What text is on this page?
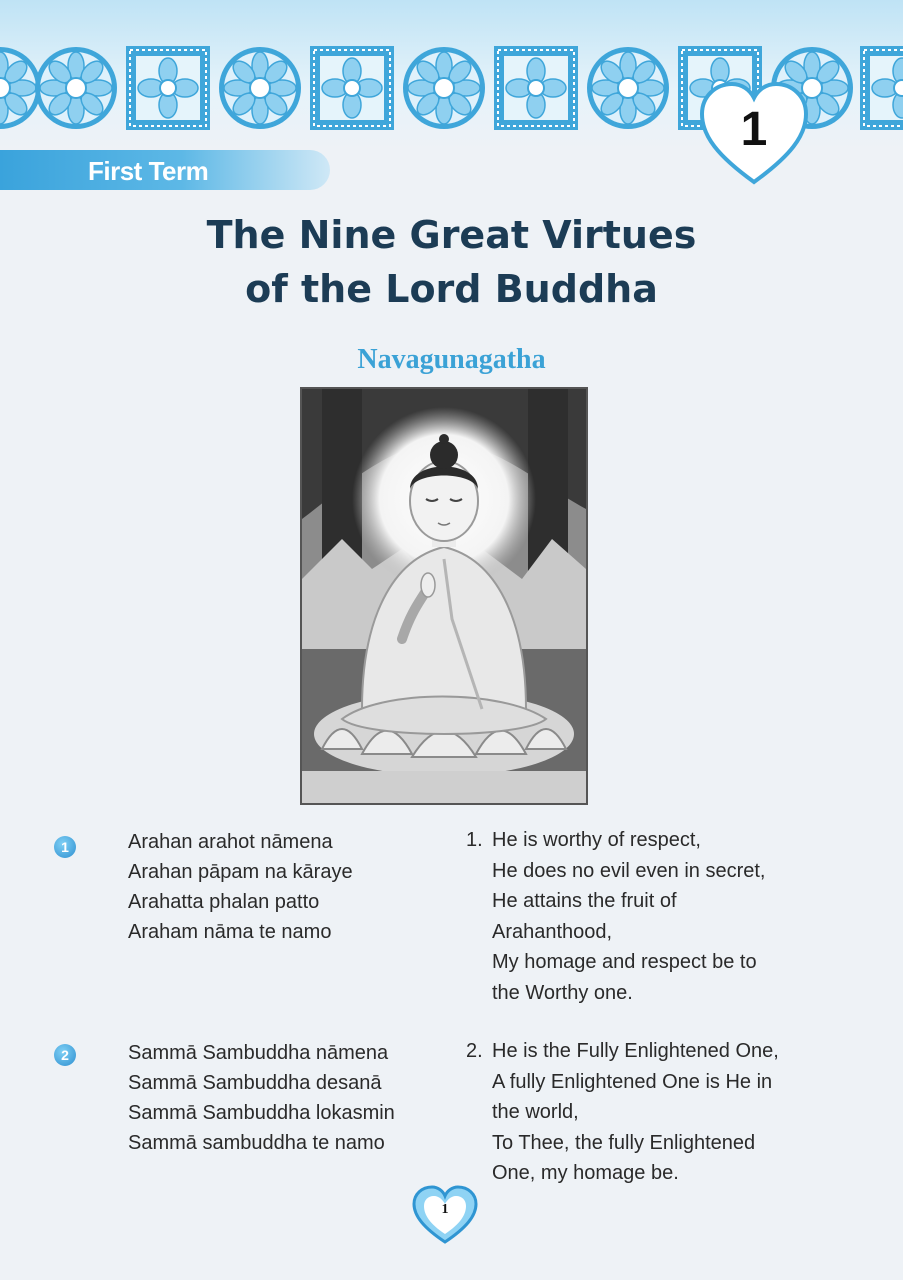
1
First Term
The Nine Great Virtues
of the Lord Buddha
Navagunagatha
1	Arahan arahot nāmena
Arahan pāpam na kāraye
Arahatta phalan patto
Araham nāma te namo
1. He is worthy of respect,
He does no evil even in secret,
He attains the fruit of
Arahanthood,
My homage and respect be to
the Worthy one.
2	Sammā Sambuddha nāmena
Sammā Sambuddha desanā
Sammā Sambuddha lokasmin
Sammā sambuddha te namo
2. He is the Fully Enlightened One,
A fully Enlightened One is He in
the world,
To Thee, the fully Enlightened
One, my homage be.
1
